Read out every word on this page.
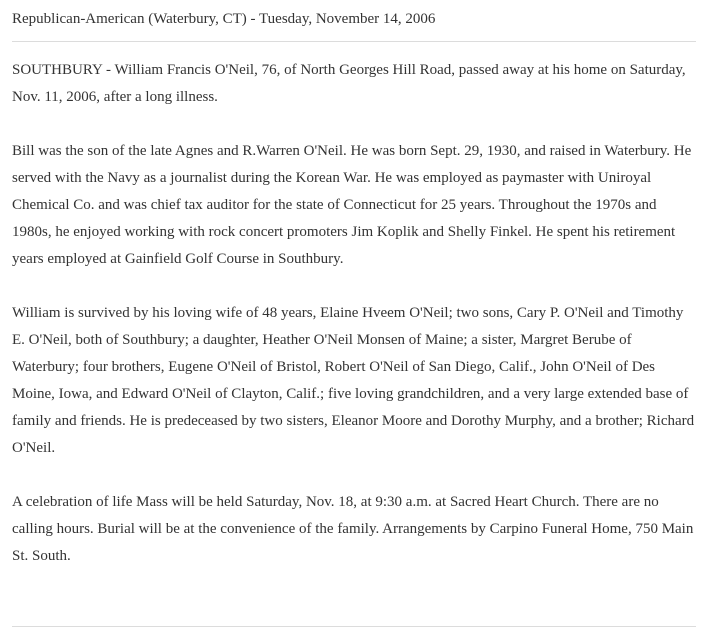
Republican-American (Waterbury, CT) - Tuesday, November 14, 2006

SOUTHBURY - William Francis O'Neil, 76, of North Georges Hill Road, passed away at his home on Saturday, Nov. 11, 2006, after a long illness.

Bill was the son of the late Agnes and R.Warren O'Neil. He was born Sept. 29, 1930, and raised in Waterbury. He served with the Navy as a journalist during the Korean War. He was employed as paymaster with Uniroyal Chemical Co. and was chief tax auditor for the state of Connecticut for 25 years. Throughout the 1970s and 1980s, he enjoyed working with rock concert promoters Jim Koplik and Shelly Finkel. He spent his retirement years employed at Gainfield Golf Course in Southbury.

William is survived by his loving wife of 48 years, Elaine Hveem O'Neil; two sons, Cary P. O'Neil and Timothy E. O'Neil, both of Southbury; a daughter, Heather O'Neil Monsen of Maine; a sister, Margret Berube of Waterbury; four brothers, Eugene O'Neil of Bristol, Robert O'Neil of San Diego, Calif., John O'Neil of Des Moine, Iowa, and Edward O'Neil of Clayton, Calif.; five loving grandchildren, and a very large extended base of family and friends. He is predeceased by two sisters, Eleanor Moore and Dorothy Murphy, and a brother; Richard O'Neil.

A celebration of life Mass will be held Saturday, Nov. 18, at 9:30 a.m. at Sacred Heart Church. There are no calling hours. Burial will be at the convenience of the family. Arrangements by Carpino Funeral Home, 750 Main St. South.
